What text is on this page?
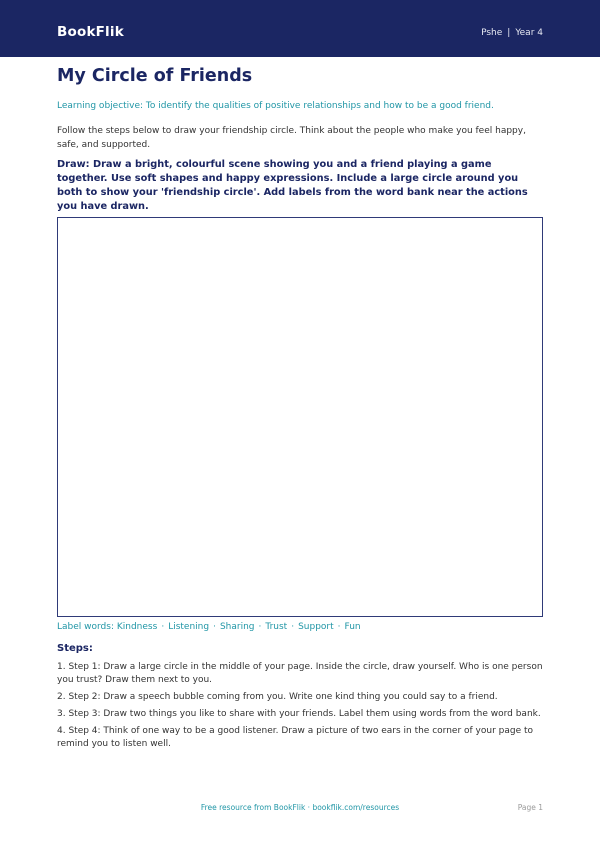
BookFlik	Pshe | Year 4
My Circle of Friends

Learning objective: To identify the qualities of positive relationships and how to be a good friend.

Follow the steps below to draw your friendship circle. Think about the people who make you feel happy, safe, and supported.

Draw: Draw a bright, colourful scene showing you and a friend playing a game together. Use soft shapes and happy expressions. Include a large circle around you both to show your 'friendship circle'. Add labels from the word bank near the actions you have drawn.

Label words: Kindness · Listening · Sharing · Trust · Support · Fun
Steps:
1. Step 1: Draw a large circle in the middle of your page. Inside the circle, draw yourself. Who is one person you trust? Draw them next to you.
2. Step 2: Draw a speech bubble coming from you. Write one kind thing you could say to a friend.
3. Step 3: Draw two things you like to share with your friends. Label them using words from the word bank.
4. Step 4: Think of one way to be a good listener. Draw a picture of two ears in the corner of your page to remind you to listen well.
Free resource from BookFlik · bookflik.com/resources	Page 1
